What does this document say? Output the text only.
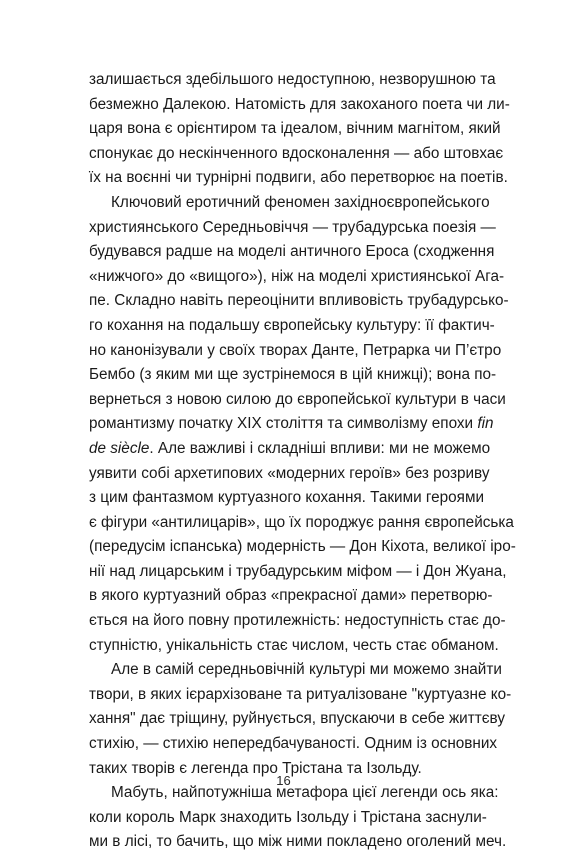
залишається здебільшого недоступною, незворушною та
безмежно Далекою. Натомість для закоханого поета чи ли-
царя вона є орієнтиром та ідеалом, вічним магнітом, який
спонукає до нескінченного вдосконалення — або штовхає
їх на воєнні чи турнірні подвиги, або перетворює на поетів.
Ключовий еротичний феномен західноєвропейського
християнського Середньовіччя — трубадурська поезія —
будувався радше на моделі античного Ероса (сходження
«нижчого» до «вищого»), ніж на моделі християнської Ага-
пе. Складно навіть переоцінити впливовість трубадурсько-
го кохання на подальшу європейську культуру: її фактич-
но канонізували у своїх творах Данте, Петрарка чи П’єтро
Бембо (з яким ми ще зустрінемося в цій книжці); вона по-
вернеться з новою силою до європейської культури в часи
романтизму початку XIX століття та символізму епохи fin
de siècle. Але важливі і складніші впливи: ми не можемо
уявити собі архетипових «модерних героїв» без розриву
з цим фантазмом куртуазного кохання. Такими героями
є фігури «антилицарів», що їх породжує рання європейська
(передусім іспанська) модерність — Дон Кіхота, великої іро-
нії над лицарським і трубадурським міфом — і Дон Жуана,
в якого куртуазний образ «прекрасної дами» перетворю-
ється на його повну протилежність: недоступність стає до-
ступністю, унікальність стає числом, честь стає обманом.
Але в самій середньовічній культурі ми можемо знайти
твори, в яких ієрархізоване та ритуалізоване "куртуазне ко-
хання" дає тріщину, руйнується, впускаючи в себе життєву
стихію, — стихію непередбачуваності. Одним із основних
таких творів є легенда про Трістана та Ізольду.
Мабуть, найпотужніша метафора цієї легенди ось яка:
коли король Марк знаходить Ізольду і Трістана заснули-
ми в лісі, то бачить, що між ними покладено оголений меч.
16
